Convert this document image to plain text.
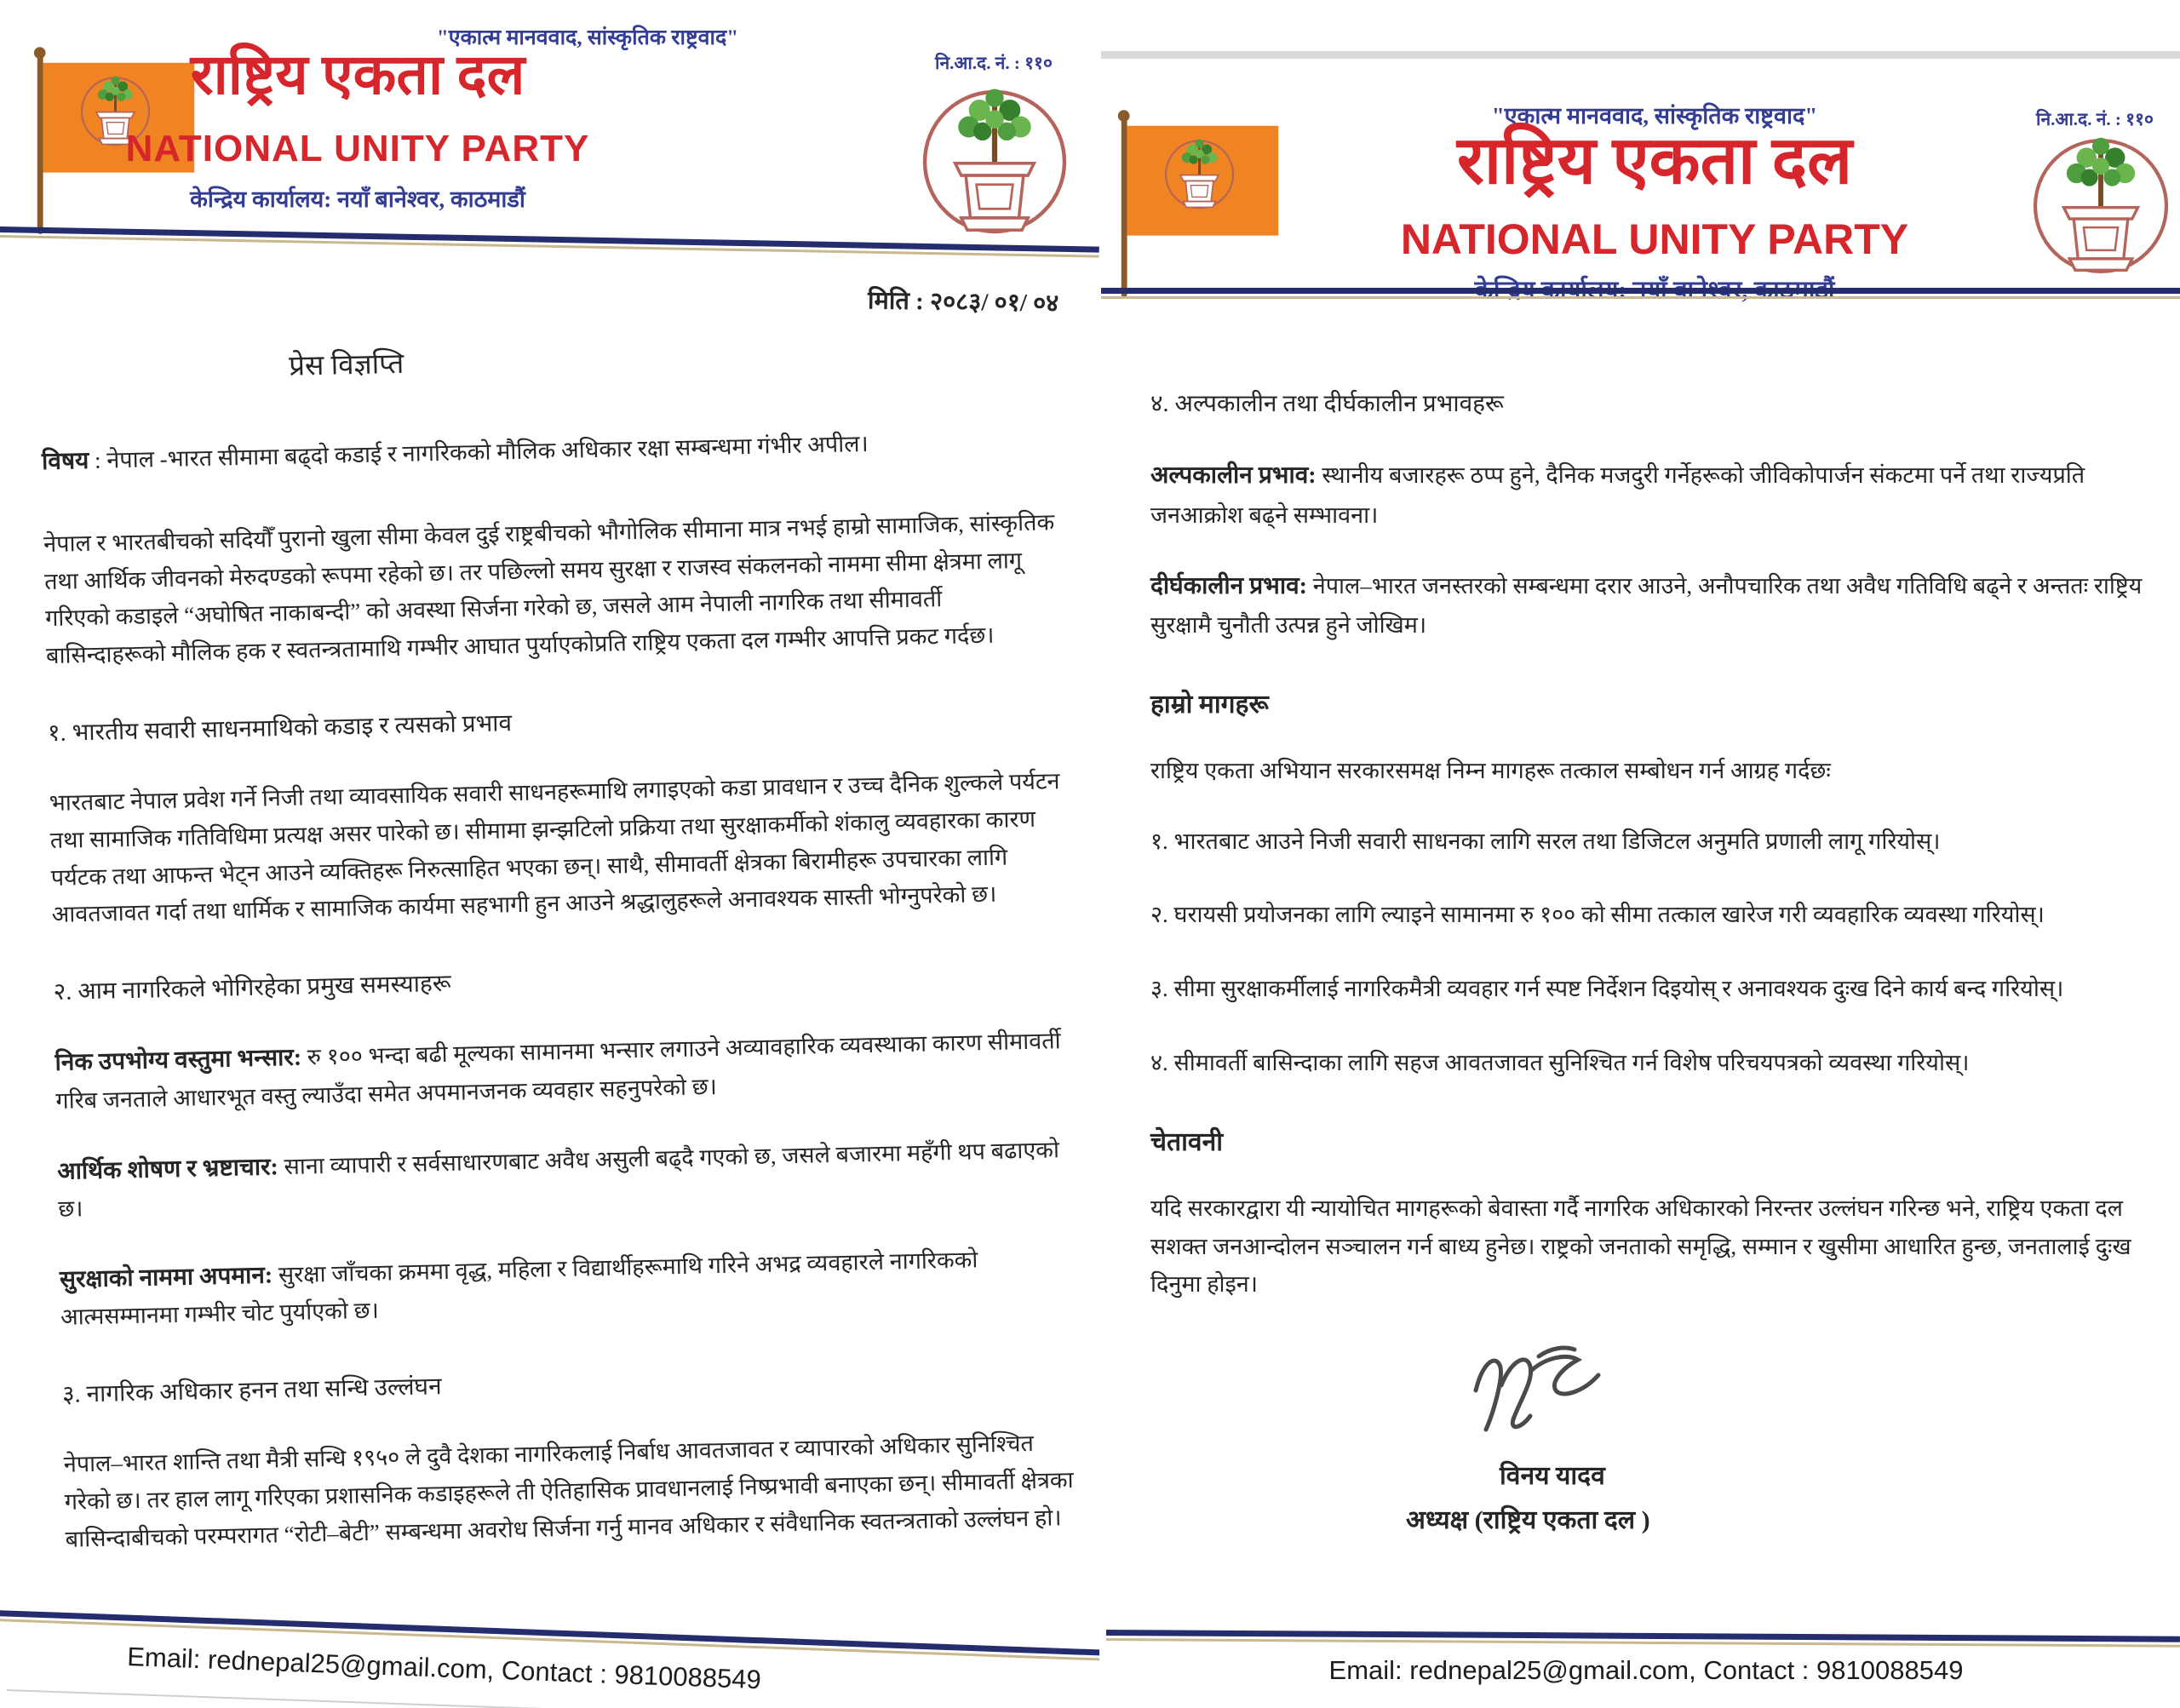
"एकात्म मानववाद, सांस्कृतिक राष्ट्रवाद"
राष्ट्रिय एकता दल
NATIONAL UNITY PARTY
केन्द्रिय कार्यालय: नयाँ बानेश्वर, काठमाडौं
नि.आ.द. नं. : ११०
मिति : २०८३/ ०१/ ०४
प्रेस विज्ञप्ति

विषय : नेपाल -भारत सीमामा बढ्दो कडाई र नागरिकको मौलिक अधिकार रक्षा सम्बन्धमा गंभीर अपील।

नेपाल र भारतबीचको सदियौँ पुरानो खुला सीमा केवल दुई राष्ट्रबीचको भौगोलिक सीमाना मात्र नभई हाम्रो सामाजिक, सांस्कृतिक तथा आर्थिक जीवनको मेरुदण्डको रूपमा रहेको छ। तर पछिल्लो समय सुरक्षा र राजस्व संकलनको नाममा सीमा क्षेत्रमा लागू गरिएको कडाइले “अघोषित नाकाबन्दी” को अवस्था सिर्जना गरेको छ, जसले आम नेपाली नागरिक तथा सीमावर्ती बासिन्दाहरूको मौलिक हक र स्वतन्त्रतामाथि गम्भीर आघात पुर्याएकोप्रति राष्ट्रिय एकता दल गम्भीर आपत्ति प्रकट गर्दछ।

१. भारतीय सवारी साधनमाथिको कडाइ र त्यसको प्रभाव

भारतबाट नेपाल प्रवेश गर्ने निजी तथा व्यावसायिक सवारी साधनहरूमाथि लगाइएको कडा प्रावधान र उच्च दैनिक शुल्कले पर्यटन तथा सामाजिक गतिविधिमा प्रत्यक्ष असर पारेको छ। सीमामा झन्झटिलो प्रक्रिया तथा सुरक्षाकर्मीको शंकालु व्यवहारका कारण पर्यटक तथा आफन्त भेट्न आउने व्यक्तिहरू निरुत्साहित भएका छन्। साथै, सीमावर्ती क्षेत्रका बिरामीहरू उपचारका लागि आवतजावत गर्दा तथा धार्मिक र सामाजिक कार्यमा सहभागी हुन आउने श्रद्धालुहरूले अनावश्यक सास्ती भोग्नुपरेको छ।

२. आम नागरिकले भोगिरहेका प्रमुख समस्याहरू

निक उपभोग्य वस्तुमा भन्सार: रु १०० भन्दा बढी मूल्यका सामानमा भन्सार लगाउने अव्यावहारिक व्यवस्थाका कारण सीमावर्ती गरिब जनताले आधारभूत वस्तु ल्याउँदा समेत अपमानजनक व्यवहार सहनुपरेको छ।

आर्थिक शोषण र भ्रष्टाचार: साना व्यापारी र सर्वसाधारणबाट अवैध असुली बढ्दै गएको छ, जसले बजारमा महँगी थप बढाएको छ।

सुरक्षाको नाममा अपमान: सुरक्षा जाँचका क्रममा वृद्ध, महिला र विद्यार्थीहरूमाथि गरिने अभद्र व्यवहारले नागरिकको आत्मसम्मानमा गम्भीर चोट पुर्याएको छ।

३. नागरिक अधिकार हनन तथा सन्धि उल्लंघन

नेपाल–भारत शान्ति तथा मैत्री सन्धि १९५० ले दुवै देशका नागरिकलाई निर्बाध आवतजावत र व्यापारको अधिकार सुनिश्चित गरेको छ। तर हाल लागू गरिएका प्रशासनिक कडाइहरूले ती ऐतिहासिक प्रावधानलाई निष्प्रभावी बनाएका छन्। सीमावर्ती क्षेत्रका बासिन्दाबीचको परम्परागत “रोटी–बेटी” सम्बन्धमा अवरोध सिर्जना गर्नु मानव अधिकार र संवैधानिक स्वतन्त्रताको उल्लंघन हो।

Email: rednepal25@gmail.com, Contact : 9810088549
"एकात्म मानववाद, सांस्कृतिक राष्ट्रवाद"
राष्ट्रिय एकता दल
NATIONAL UNITY PARTY
केन्द्रिय कार्यालय: नयाँ बानेश्वर, काठमाडौं
नि.आ.द. नं. : ११०
४. अल्पकालीन तथा दीर्घकालीन प्रभावहरू

अल्पकालीन प्रभाव: स्थानीय बजारहरू ठप्प हुने, दैनिक मजदुरी गर्नेहरूको जीविकोपार्जन संकटमा पर्ने तथा राज्यप्रति जनआक्रोश बढ्ने सम्भावना।

दीर्घकालीन प्रभाव: नेपाल–भारत जनस्तरको सम्बन्धमा दरार आउने, अनौपचारिक तथा अवैध गतिविधि बढ्ने र अन्ततः राष्ट्रिय सुरक्षामै चुनौती उत्पन्न हुने जोखिम।

हाम्रो मागहरू

राष्ट्रिय एकता अभियान सरकारसमक्ष निम्न मागहरू तत्काल सम्बोधन गर्न आग्रह गर्दछः

१. भारतबाट आउने निजी सवारी साधनका लागि सरल तथा डिजिटल अनुमति प्रणाली लागू गरियोस्।

२. घरायसी प्रयोजनका लागि ल्याइने सामानमा रु १०० को सीमा तत्काल खारेज गरी व्यवहारिक व्यवस्था गरियोस्।

३. सीमा सुरक्षाकर्मीलाई नागरिकमैत्री व्यवहार गर्न स्पष्ट निर्देशन दिइयोस् र अनावश्यक दुःख दिने कार्य बन्द गरियोस्।

४. सीमावर्ती बासिन्दाका लागि सहज आवतजावत सुनिश्चित गर्न विशेष परिचयपत्रको व्यवस्था गरियोस्।

चेतावनी

यदि सरकारद्वारा यी न्यायोचित मागहरूको बेवास्ता गर्दै नागरिक अधिकारको निरन्तर उल्लंघन गरिन्छ भने, राष्ट्रिय एकता दल सशक्त जनआन्दोलन सञ्चालन गर्न बाध्य हुनेछ। राष्ट्रको जनताको समृद्धि, सम्मान र खुसीमा आधारित हुन्छ, जनतालाई दुःख दिनुमा होइन।

विनय यादव
अध्यक्ष (राष्ट्रिय एकता दल )
Email: rednepal25@gmail.com, Contact : 9810088549
